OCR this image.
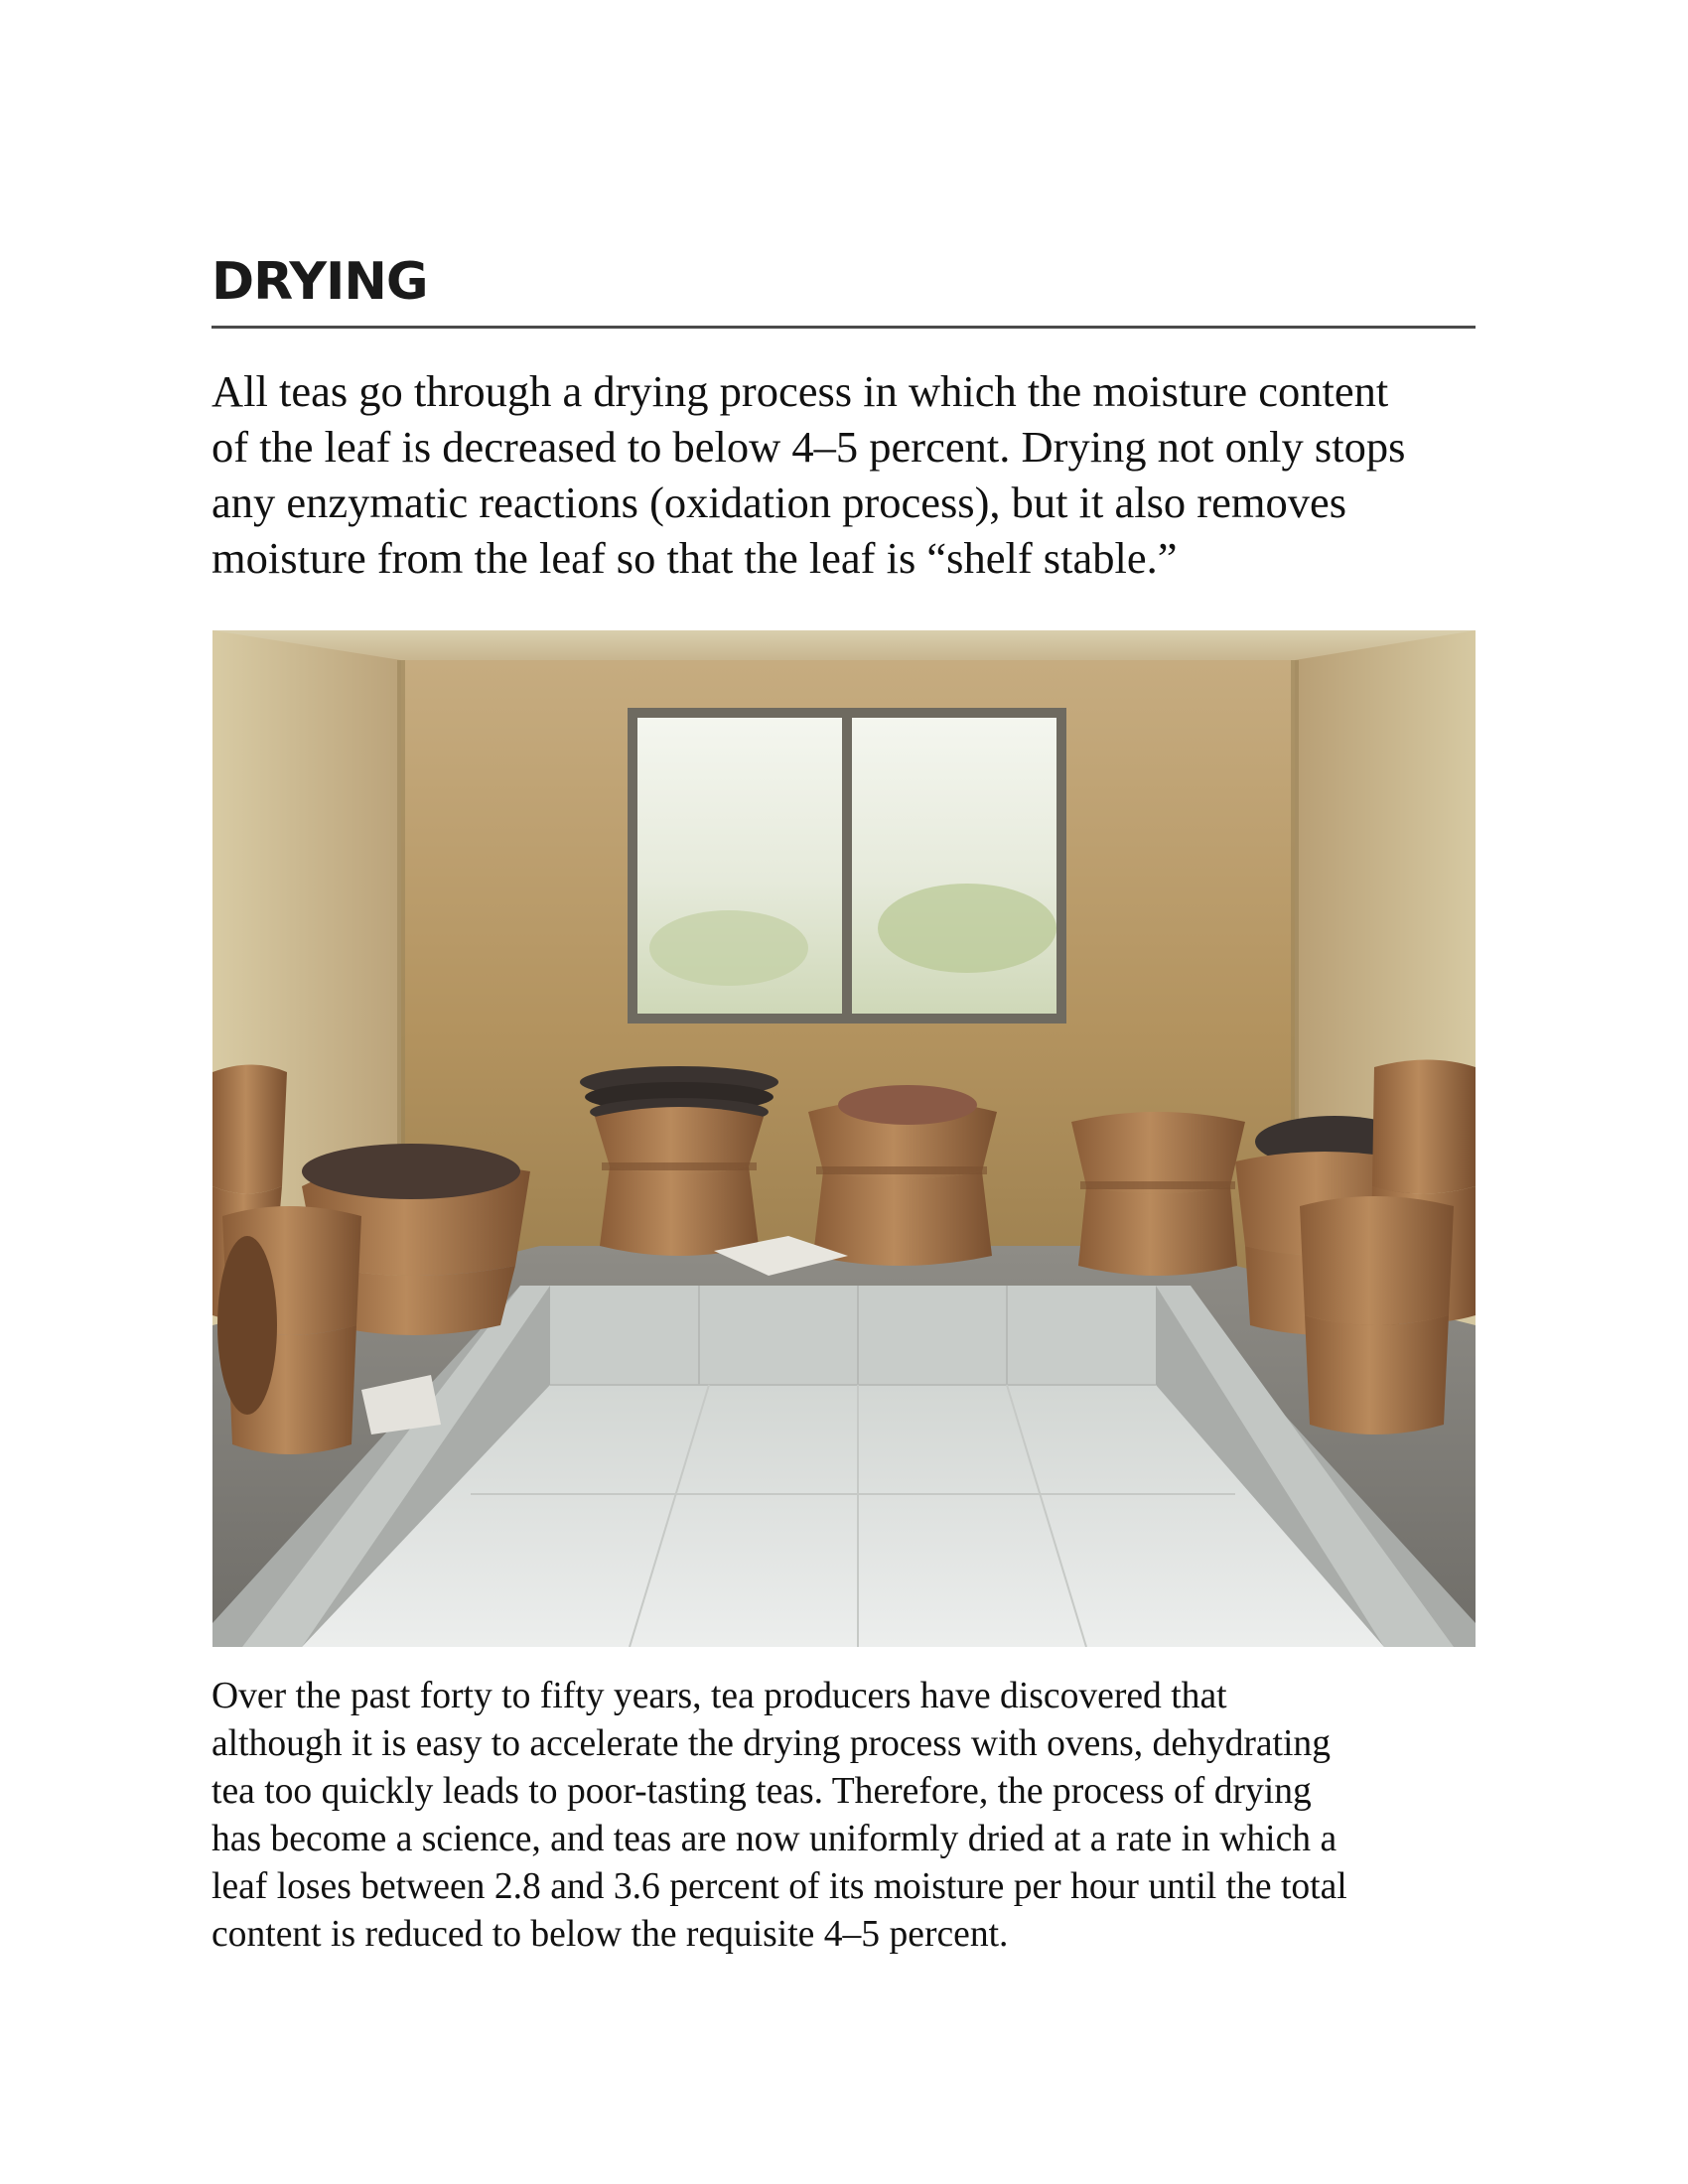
DRYING

All teas go through a drying process in which the moisture content
of the leaf is decreased to below 4–5 percent. Drying not only stops
any enzymatic reactions (oxidation process), but it also removes
moisture from the leaf so that the leaf is “shelf stable.”

Over the past forty to fifty years, tea producers have discovered that
although it is easy to accelerate the drying process with ovens, dehydrating
tea too quickly leads to poor-tasting teas. Therefore, the process of drying
has become a science, and teas are now uniformly dried at a rate in which a
leaf loses between 2.8 and 3.6 percent of its moisture per hour until the total
content is reduced to below the requisite 4–5 percent.
